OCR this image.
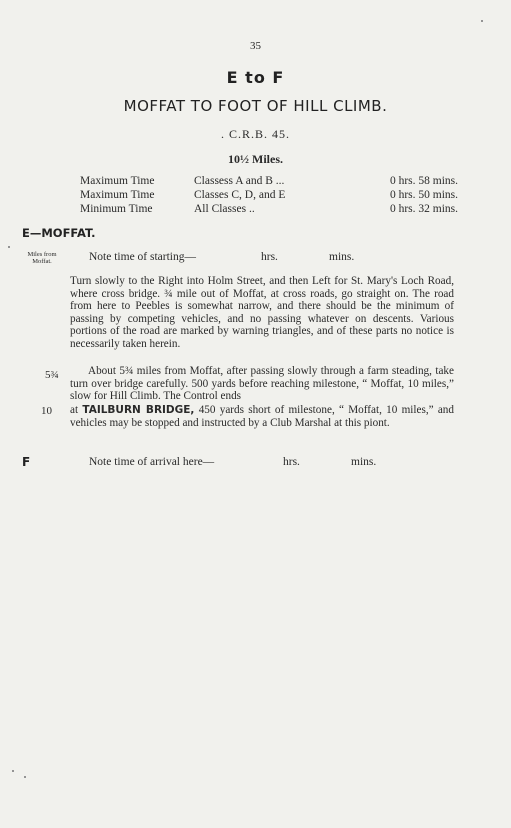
35
E to F
MOFFAT TO FOOT OF HILL CLIMB.
. C.R.B. 45.
10½ Miles.
Maximum Time	Classess A and B ...	0 hrs. 58 mins.
Maximum Time	Classes C, D, and E	0 hrs. 50 mins.
Minimum Time	All Classes ..	0 hrs. 32 mins.
E—MOFFAT.
Miles from Moffat.	Note time of starting—	hrs.	mins.
Turn slowly to the Right into Holm Street, and then Left for St. Mary's Loch Road, where cross bridge. ¾ mile out of Moffat, at cross roads, go straight on. The road from here to Peebles is somewhat narrow, and there should be the minimum of passing by competing vehicles, and no passing whatever on descents. Various portions of the road are marked by warning triangles, and of these parts no notice is necessarily taken herein.
5¾	About 5¾ miles from Moffat, after passing slowly through a farm steading, take turn over bridge carefully. 500 yards before reaching milestone, “ Moffat, 10 miles,” slow for Hill Climb. The Control ends
10 at TAILBURN BRIDGE, 450 yards short of milestone, “ Moffat, 10 miles,” and vehicles may be stopped and instructed by a Club Marshal at this piont.
F	Note time of arrival here—	hrs.	mins.
